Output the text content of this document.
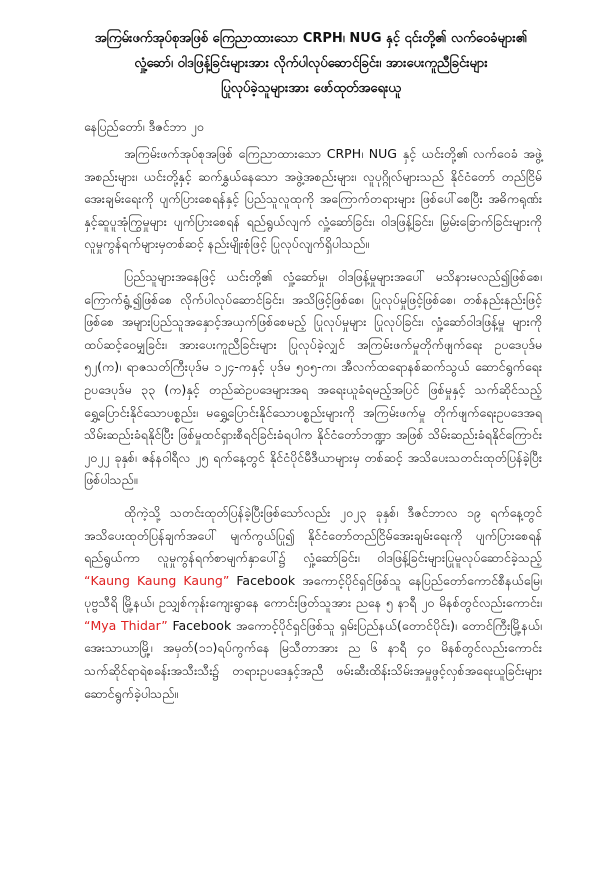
အကြမ်းဖက်အုပ်စုအဖြစ် ကြေညာထားသော CRPH၊ NUG နှင့် ၎င်းတို့၏ လက်ဝေခံများ၏
လှုံ့ဆော်၊ ဝါဒဖြန့်ခြင်းများအား လိုက်ပါလုပ်ဆောင်ခြင်း၊ အားပေးကူညီခြင်းများ
ပြုလုပ်ခဲ့သူများအား ဖော်ထုတ်အရေးယူ

နေပြည်တော်၊ ဒီဇင်ဘာ ၂၀

အကြမ်းဖက်အုပ်စုအဖြစ် ကြေညာထားသော CRPH၊ NUG နှင့် ယင်းတို့၏ လက်ဝေခံ အဖွဲ့အစည်းများ၊ ယင်းတို့နှင့် ဆက်နွှယ်နေသော အဖွဲ့အစည်းများ၊ လူပုဂ္ဂိုလ်များသည် နိုင်ငံတော် တည်ငြိမ်အေးချမ်းရေးကို ပျက်ပြားစေရန်နှင့် ပြည်သူလူထုကို အကြောက်တရားများ ဖြစ်ပေါ်စေပြီး အဓိကရုဏ်းနှင့်ဆူပူအုံကြွမှုများ ပျက်ပြားစေရန် ရည်ရွယ်လျက် လှုံ့ဆော်ခြင်း၊ ဝါဒဖြန့်ခြင်း၊ မြှမ်းခြောက်ခြင်းများကို လူမှုကွန်ရက်များမှတစ်ဆင့် နည်းမျိုးစုံဖြင့် ပြုလုပ်လျက်ရှိပါသည်။

ပြည်သူများအနေဖြင့် ယင်းတို့၏ လှုံ့ဆော်မှု၊ ဝါဒဖြန့်မှုများအပေါ် မသိနားမလည်၍ဖြစ်စေ၊ ကြောက်ရွံ့၍ဖြစ်စေ လိုက်ပါလုပ်ဆောင်ခြင်း၊ အသိဖြင့်ဖြစ်စေ၊ ပြုလုပ်မှုဖြင့်ဖြစ်စေ၊ တစ်နည်းနည်းဖြင့် ဖြစ်စေ အများပြည်သူအနှောင့်အယှက်ဖြစ်စေမည့် ပြုလုပ်မှုများ ပြုလုပ်ခြင်း၊ လှုံ့ဆော်ဝါဒဖြန့်မှု များကို ထပ်ဆင့်ဝေမျှခြင်း၊ အားပေးကူညီခြင်းများ ပြုလုပ်ခဲ့လျှင် အကြမ်းဖက်မှုတိုက်ဖျက်ရေး ဥပဒေပုဒ်မ ၅၂(က)၊ ရာဇသတ်ကြီးပုဒ်မ ၁၂၄-ကနှင့် ပုဒ်မ ၅၀၅-က၊ အီလက်ထရောနစ်ဆက်သွယ် ဆောင်ရွက်ရေးဥပဒေပုဒ်မ ၃၃ (က)နှင့် တည်ဆဲဥပဒေများအရ အရေးယူခံရမည့်အပြင် ဖြစ်မှုနှင့် သက်ဆိုင်သည့် ရွှေ့ပြောင်းနိုင်သောပစ္စည်း၊ မရွှေ့ပြောင်းနိုင်သောပစ္စည်းများကို အကြမ်းဖက်မှု တိုက်ဖျက်ရေးဥပဒေအရ သိမ်းဆည်းခံရနိုင်ပြီး ဖြစ်မှုထင်ရှားစီရင်ခြင်းခံရပါက နိုင်ငံတော်ဘဏ္ဍာ အဖြစ် သိမ်းဆည်းခံရနိုင်ကြောင်း ၂၀၂၂ ခုနှစ်၊ ဇန်နဝါရီလ ၂၅ ရက်နေ့တွင် နိုင်ငံပိုင်မီဒီယာများမှ တစ်ဆင့် အသိပေးသတင်းထုတ်ပြန်ခဲ့ပြီး ဖြစ်ပါသည်။

ထိုကဲ့သို့ သတင်းထုတ်ပြန်ခဲ့ပြီးဖြစ်သော်လည်း ၂၀၂၃ ခုနှစ်၊ ဒီဇင်ဘာလ ၁၉ ရက်နေ့တွင် အသိပေးထုတ်ပြန်ချက်အပေါ် မျက်ကွယ်ပြု၍ နိုင်ငံတော်တည်ငြိမ်အေးချမ်းရေးကို ပျက်ပြားစေရန် ရည်ရွယ်ကာ လူမှုကွန်ရက်စာမျက်နှာပေါ်၌ လှုံ့ဆော်ခြင်း၊ ဝါဒဖြန့်ခြင်းများပြုမူလုပ်ဆောင်ခဲ့သည့် “Kaung Kaung Kaung” Facebook အကောင့်ပိုင်ရှင်ဖြစ်သူ နေပြည်တော်ကောင်စီနယ်မြေ၊ ပုဗ္ဗသီရိ မြို့နယ်၊ ဥသျှစ်ကုန်းကျေးရွာနေ ကောင်းဖြတ်သူအား ညနေ ၅ နာရီ ၂၀ မိနစ်တွင်လည်းကောင်း၊ “Mya Thidar” Facebook အကောင့်ပိုင်ရှင်ဖြစ်သူ ရှမ်းပြည်နယ်(တောင်ပိုင်း)၊ တောင်ကြီးမြို့နယ်၊ အေးသာယာမြို့၊ အမှတ်(၁၁)ရပ်ကွက်နေ မြသီတာအား ည ၆ နာရီ ၄၀ မိနစ်တွင်လည်းကောင်း သက်ဆိုင်ရာရဲစခန်းအသီးသီး၌ တရားဥပဒေနှင့်အညီ ဖမ်းဆီးထိန်းသိမ်းအမှုဖွင့်လှစ်အရေးယူခြင်းများ ဆောင်ရွက်ခဲ့ပါသည်။
